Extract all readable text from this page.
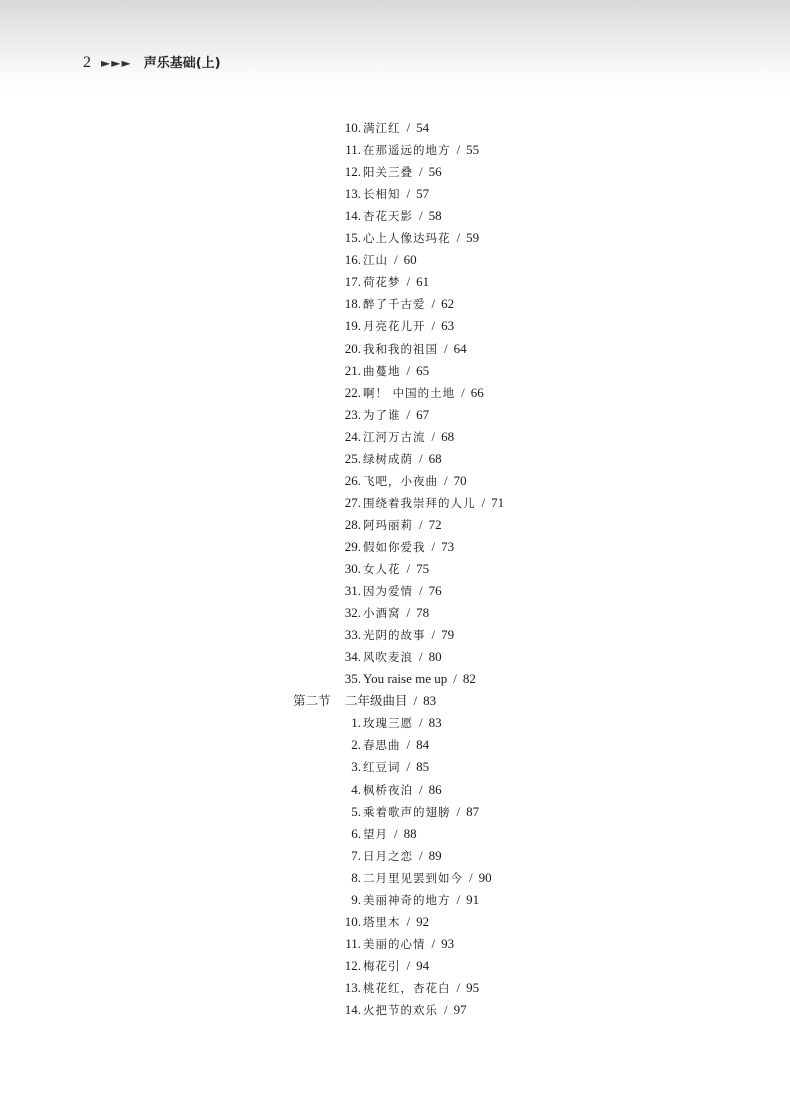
2 ►►► 声乐基础(上)
10. 满江红 / 54
11. 在那遥远的地方 / 55
12. 阳关三叠 / 56
13. 长相知 / 57
14. 杏花天影 / 58
15. 心上人像达玛花 / 59
16. 江山 / 60
17. 荷花梦 / 61
18. 醉了千古爱 / 62
19. 月亮花儿开 / 63
20. 我和我的祖国 / 64
21. 曲蔓地 / 65
22. 啊！ 中国的土地 / 66
23. 为了谁 / 67
24. 江河万古流 / 68
25. 绿树成荫 / 68
26. 飞吧，小夜曲 / 70
27. 围绕着我崇拜的人儿 / 71
28. 阿玛丽莉 / 72
29. 假如你爱我 / 73
30. 女人花 / 75
31. 因为爱情 / 76
32. 小酒窝 / 78
33. 光阴的故事 / 79
34. 风吹麦浪 / 80
35. You raise me up / 82
第二节 二年级曲目 / 83
1. 玫瑰三愿 / 83
2. 春思曲 / 84
3. 红豆词 / 85
4. 枫桥夜泊 / 86
5. 乘着歌声的翅膀 / 87
6. 望月 / 88
7. 日月之恋 / 89
8. 二月里见罢到如今 / 90
9. 美丽神奇的地方 / 91
10. 塔里木 / 92
11. 美丽的心情 / 93
12. 梅花引 / 94
13. 桃花红，杏花白 / 95
14. 火把节的欢乐 / 97
